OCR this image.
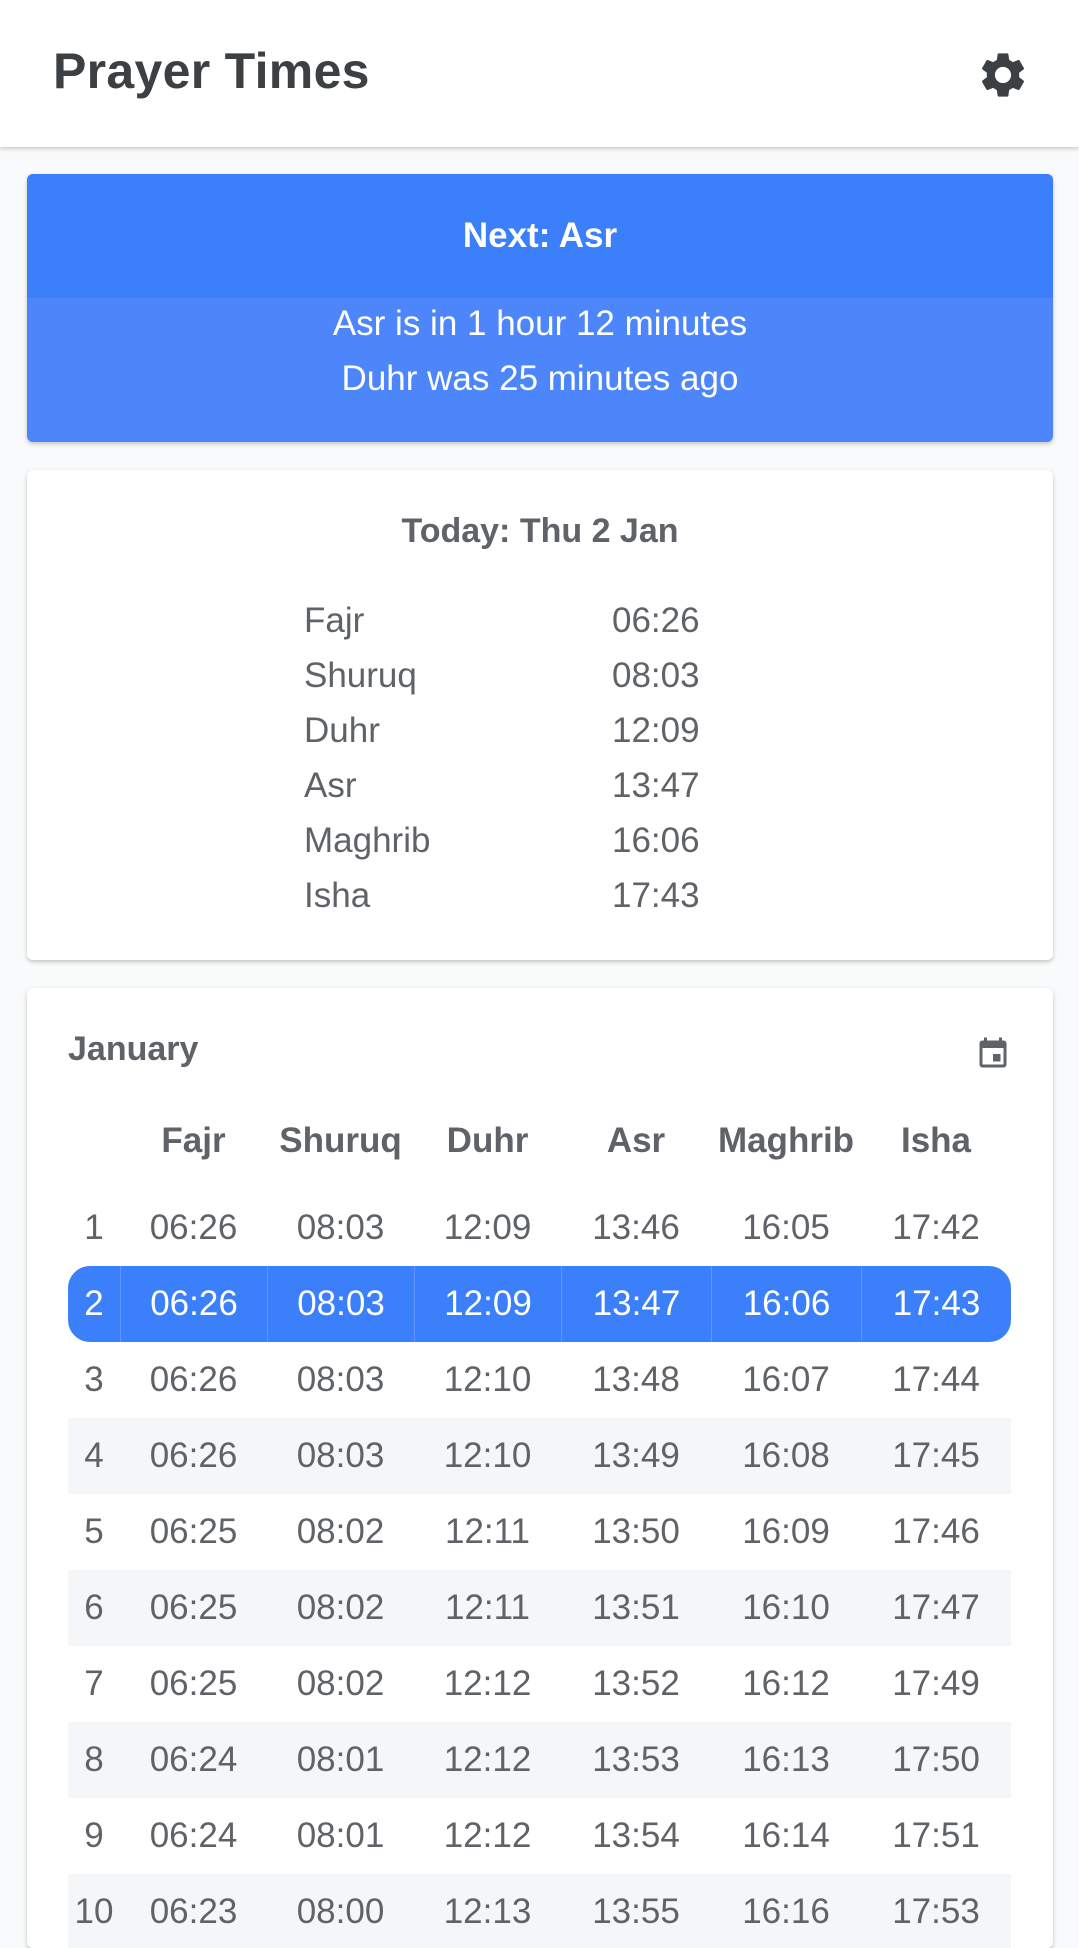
Prayer Times
Next: Asr
Asr is in 1 hour 12 minutes
Duhr was 25 minutes ago
Today: Thu 2 Jan
Fajr	06:26
Shuruq	08:03
Duhr	12:09
Asr	13:47
Maghrib	16:06
Isha	17:43
January
	Fajr	Shuruq	Duhr	Asr	Maghrib	Isha
1	06:26	08:03	12:09	13:46	16:05	17:42
2	06:26	08:03	12:09	13:47	16:06	17:43
3	06:26	08:03	12:10	13:48	16:07	17:44
4	06:26	08:03	12:10	13:49	16:08	17:45
5	06:25	08:02	12:11	13:50	16:09	17:46
6	06:25	08:02	12:11	13:51	16:10	17:47
7	06:25	08:02	12:12	13:52	16:12	17:49
8	06:24	08:01	12:12	13:53	16:13	17:50
9	06:24	08:01	12:12	13:54	16:14	17:51
10	06:23	08:00	12:13	13:55	16:16	17:53
